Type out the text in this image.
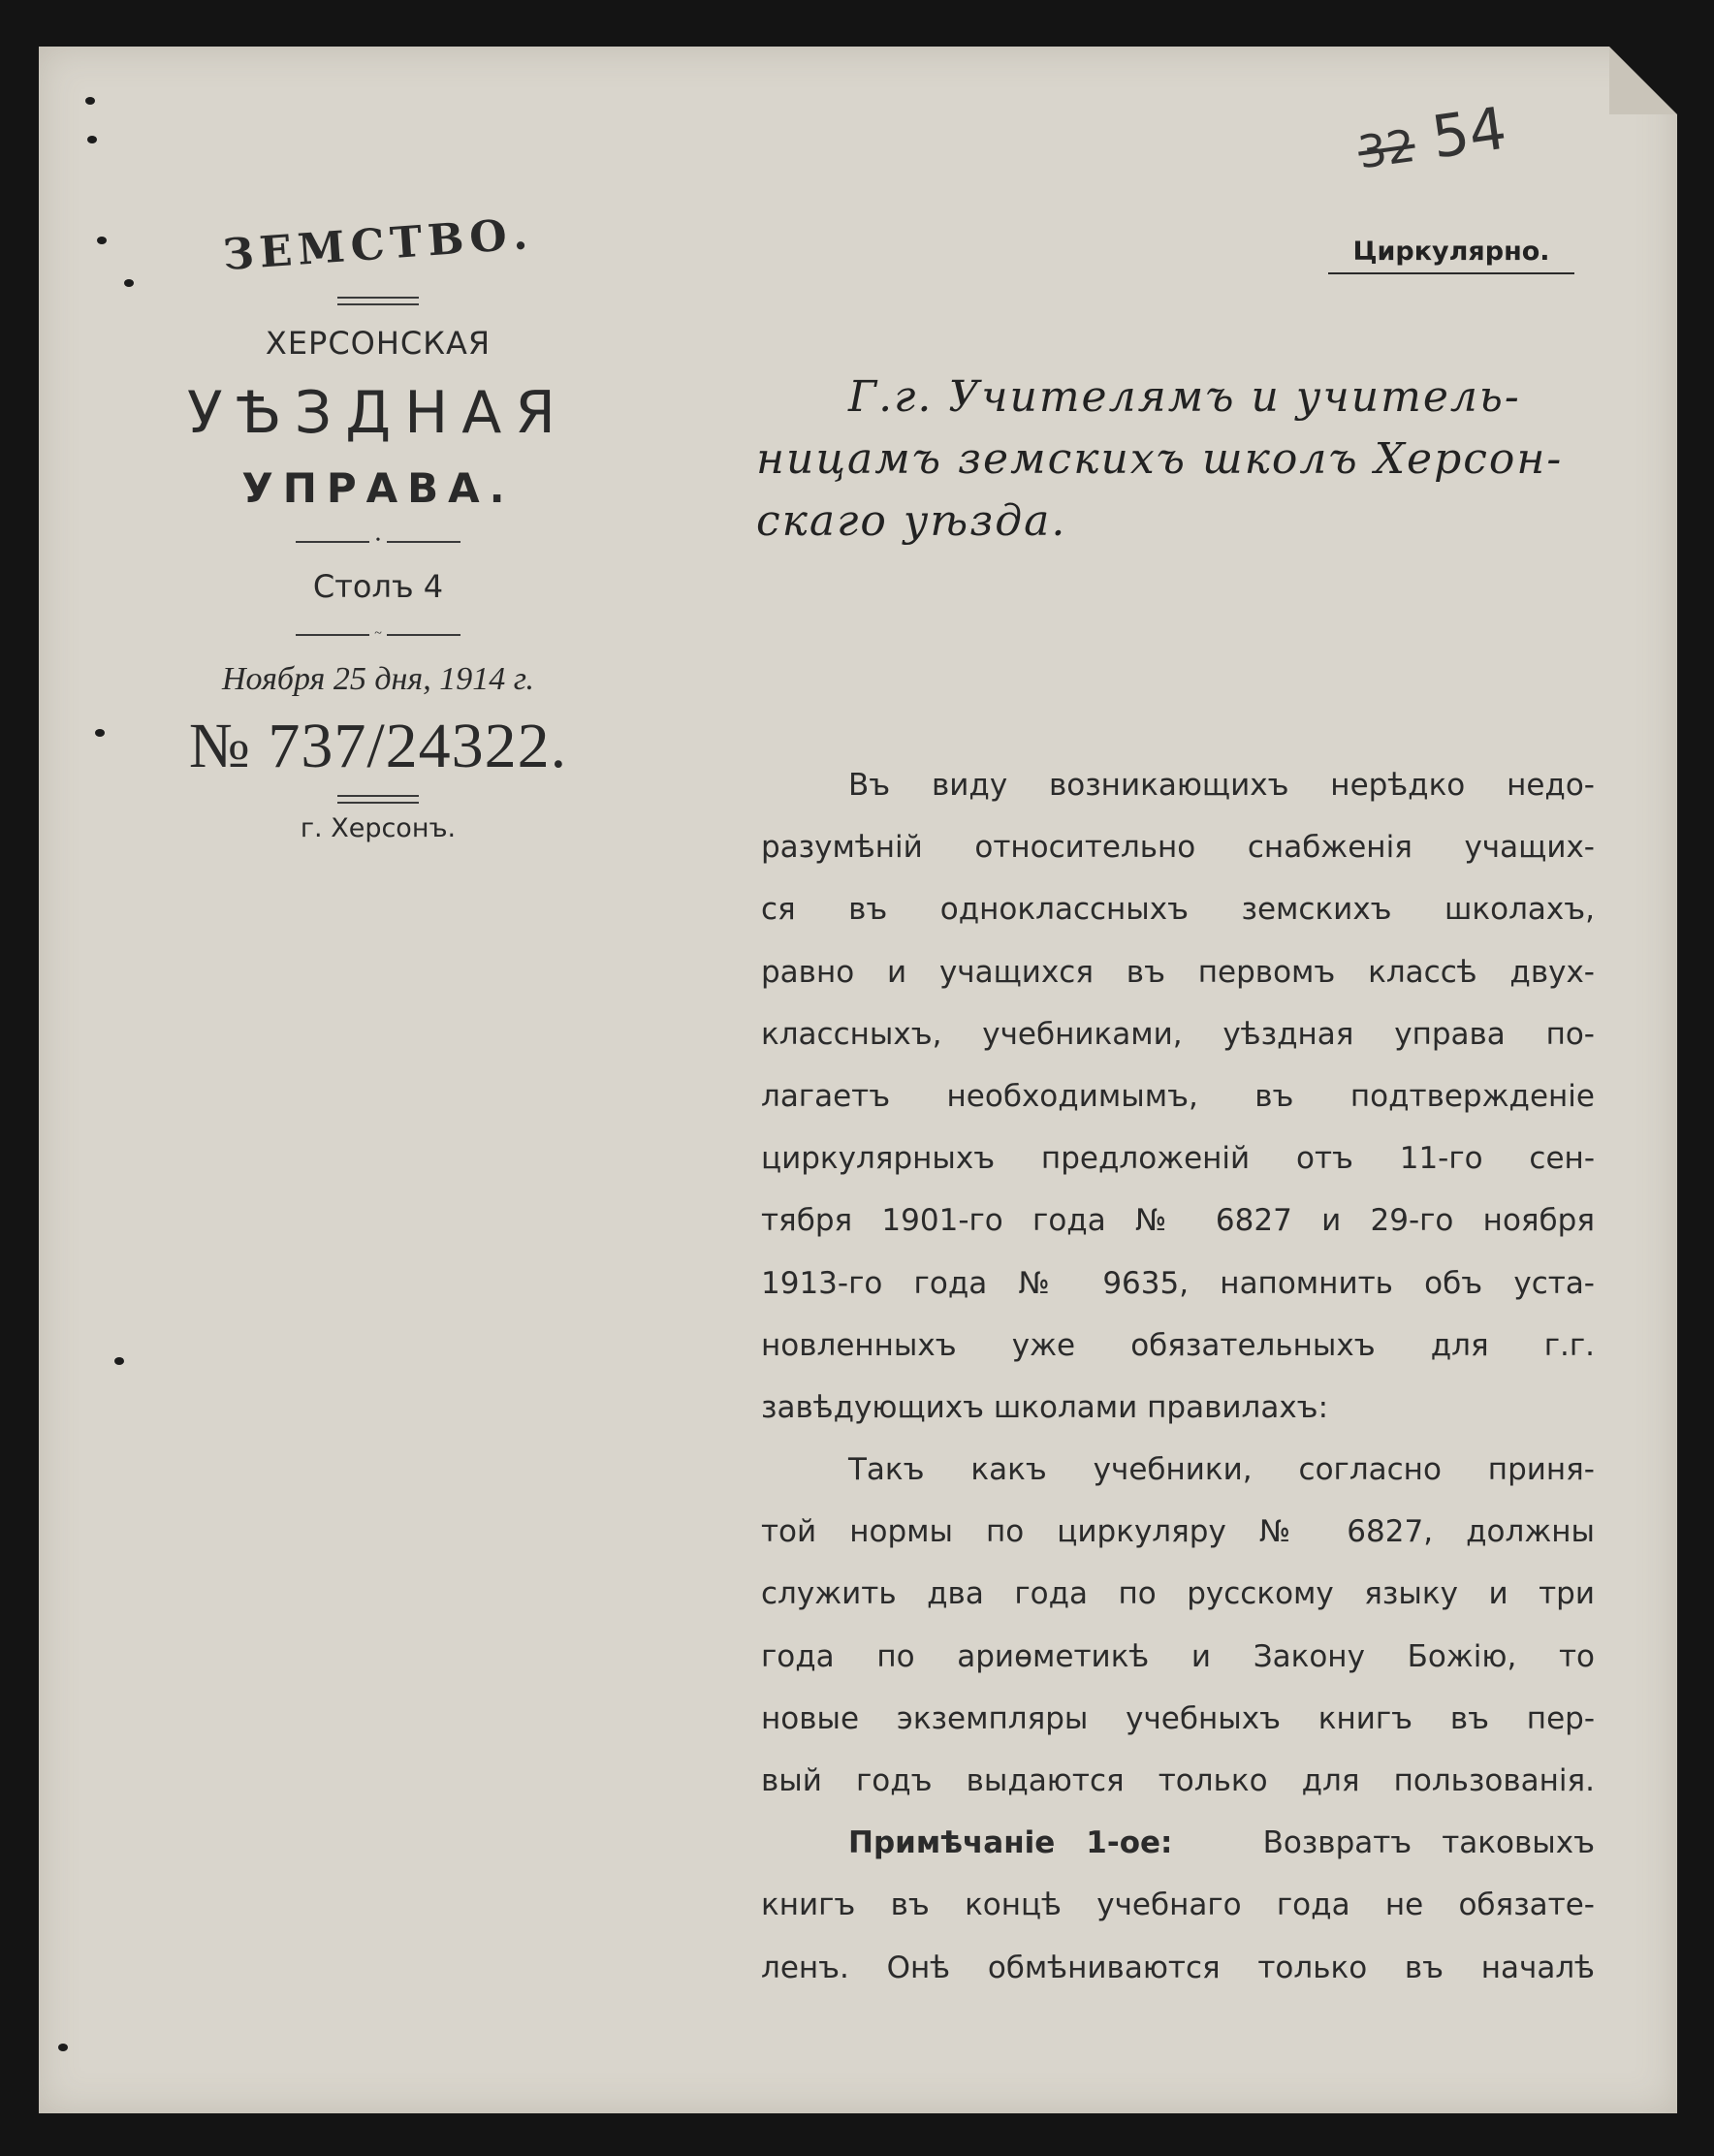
ЗЕМСТВО.
ХЕРСОНСКАЯ
УѢЗДНАЯ
УПРАВА.
•
Столъ 4
~
Ноября 25 дня, 1914 г.
№ 737/24322.
г. Херсонъ.
32 54
Циркулярно.
Г.г. Учителямъ и учитель-
ницамъ земскихъ школъ Херсон-
скаго уѣзда.
Въ виду возникающихъ нерѣдко недо-
разумѣнiй относительно снабженiя учащих-
ся въ одноклассныхъ земскихъ школахъ,
равно и учащихся въ первомъ классѣ двух-
классныхъ, учебниками, уѣздная управа по-
лагаетъ необходимымъ, въ подтвержденiе
циркулярныхъ предложенiй отъ 11-го сен-
тября 1901-го года № 6827 и 29-го ноября
1913-го года № 9635, напомнить объ уста-
новленныхъ уже обязательныхъ для г.г.
завѣдующихъ школами правилахъ:
Такъ какъ учебники, согласно приня-
той нормы по циркуляру № 6827, должны
служить два года по русскому языку и три
года по ариѳметикѣ и Закону Божiю, то
новые экземпляры учебныхъ книгъ въ пер-
вый годъ выдаются только для пользованiя.
Примѣчанiе 1-ое:	Возвратъ таковыхъ
книгъ въ концѣ учебнаго года не обязате-
ленъ. Онѣ обмѣниваются только въ началѣ
